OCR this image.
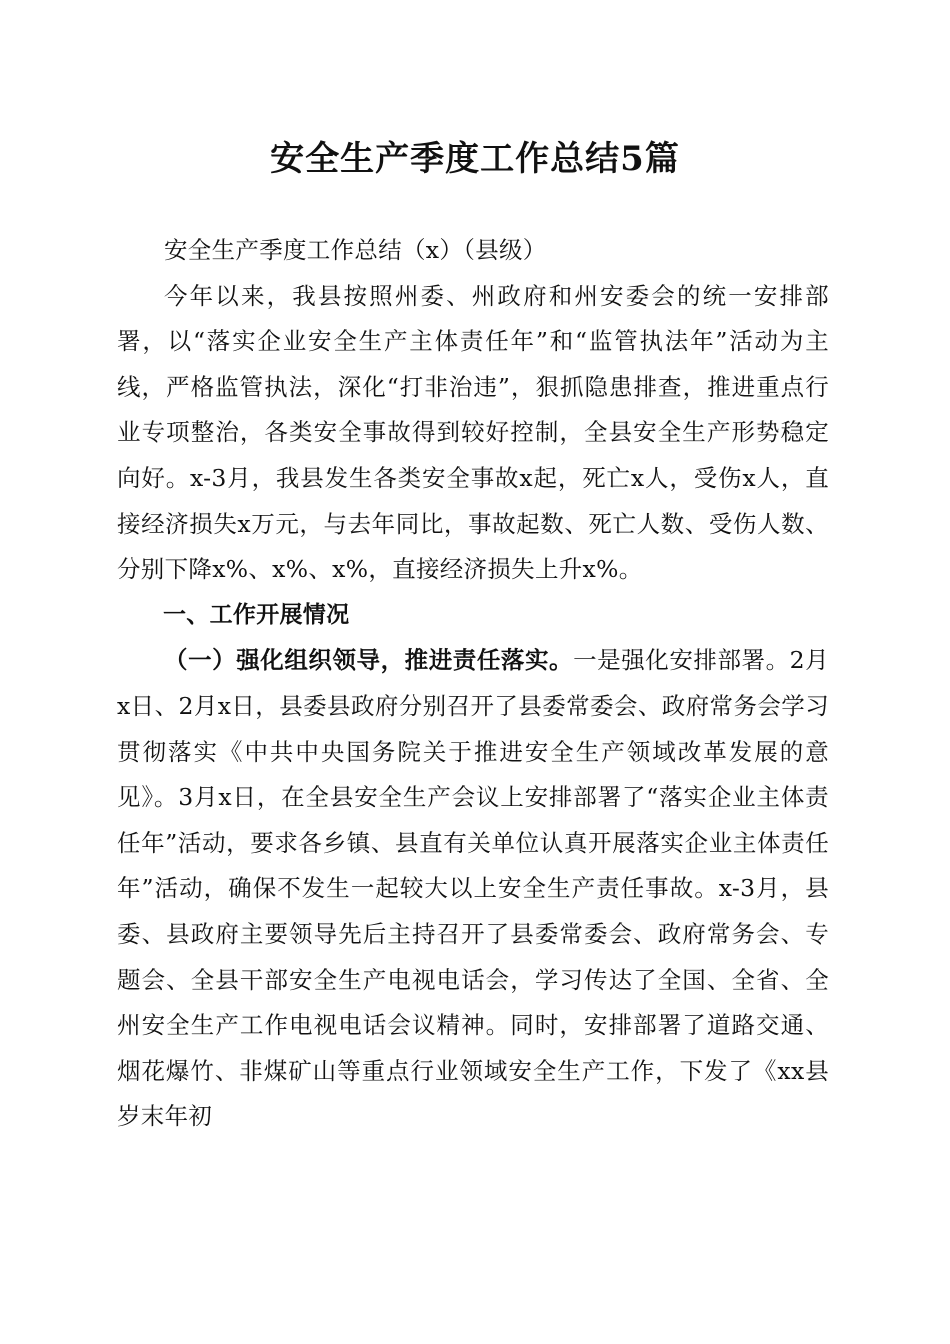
安全生产季度工作总结5篇

安全生产季度工作总结（x）（县级）

今年以来，我县按照州委、州政府和州安委会的统一安排部署，以“落实企业安全生产主体责任年”和“监管执法年”活动为主线，严格监管执法，深化“打非治违”，狠抓隐患排查，推进重点行业专项整治，各类安全事故得到较好控制，全县安全生产形势稳定向好。x-3月，我县发生各类安全事故x起，死亡x人，受伤x人，直接经济损失x万元，与去年同比，事故起数、死亡人数、受伤人数、分别下降x%、x%、x%，直接经济损失上升x%。

一、工作开展情况

（一）强化组织领导，推进责任落实。一是强化安排部署。2月x日、2月x日，县委县政府分别召开了县委常委会、政府常务会学习贯彻落实《中共中央国务院关于推进安全生产领域改革发展的意见》。3月x日，在全县安全生产会议上安排部署了“落实企业主体责任年”活动，要求各乡镇、县直有关单位认真开展落实企业主体责任年”活动，确保不发生一起较大以上安全生产责任事故。x-3月，县委、县政府主要领导先后主持召开了县委常委会、政府常务会、专题会、全县干部安全生产电视电话会，学习传达了全国、全省、全州安全生产工作电视电话会议精神。同时，安排部署了道路交通、烟花爆竹、非煤矿山等重点行业领域安全生产工作，下发了《xx县岁末年初
